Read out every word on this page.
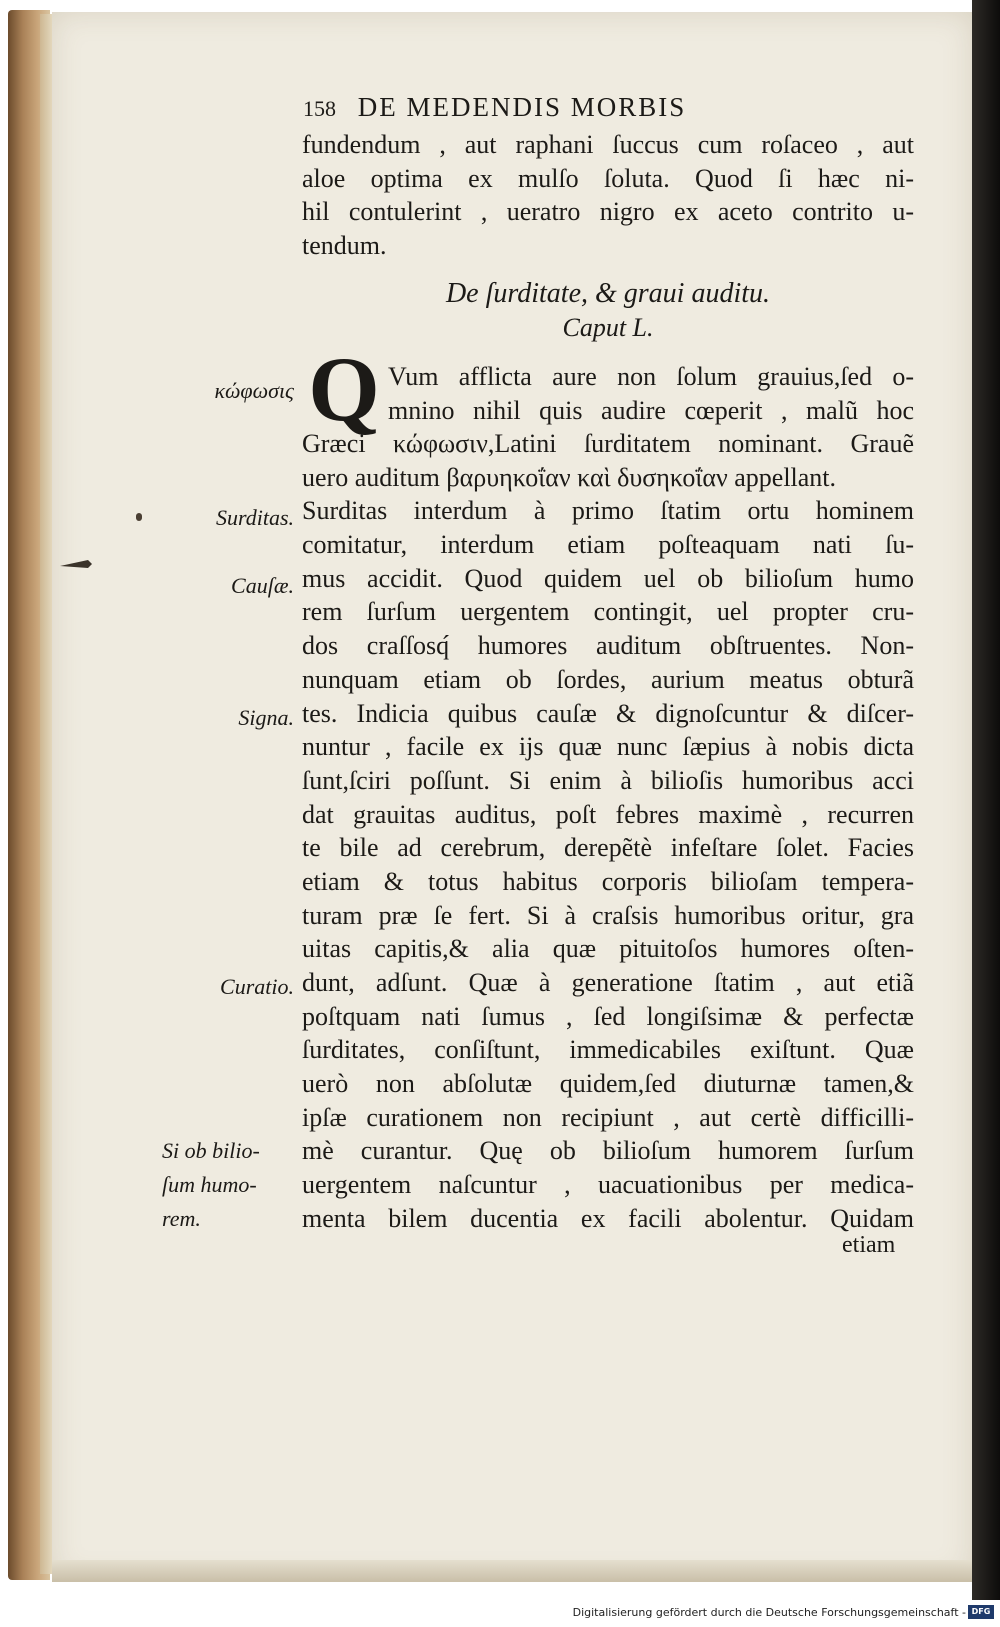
158 DE MEDENDIS MORBIS
fundendum , aut raphani ſuccus cum roſaceo , aut
aloe optima ex mulſo ſoluta. Quod ſi hæc ni-
hil contulerint , ueratro nigro ex aceto contrito u-
tendum.
De ſurditate, & graui auditu.
Caput L.
Q Vum afflicta aure non ſolum grauius,ſed o-
mnino nihil quis audire cœperit , malũ hoc
Græci κώφωσιν,Latini ſurditatem nominant. Grauẽ
uero auditum βαρυηκοΐαν καὶ δυσηκοΐαν appellant.
Surditas interdum à primo ſtatim ortu hominem
comitatur, interdum etiam poſteaquam nati ſu-
mus accidit. Quod quidem uel ob bilioſum humo
rem ſurſum uergentem contingit, uel propter cru-
dos craſſosq́ humores auditum obſtruentes. Non-
nunquam etiam ob ſordes, aurium meatus obturã
tes. Indicia quibus cauſæ & dignoſcuntur & diſcer-
nuntur , facile ex ijs quæ nunc ſæpius à nobis dicta
ſunt,ſciri poſſunt. Si enim à bilioſis humoribus acci
dat grauitas auditus, poſt febres maximè , recurren
te bile ad cerebrum, derepẽtè infeſtare ſolet. Facies
etiam & totus habitus corporis bilioſam tempera-
turam præ ſe fert. Si à craſsis humoribus oritur, gra
uitas capitis,& alia quæ pituitoſos humores oſten-
dunt, adſunt. Quæ à generatione ſtatim , aut etiã
poſtquam nati ſumus , ſed longiſsimæ & perfectæ
ſurditates, conſiſtunt, immedicabiles exiſtunt. Quæ
uerò non abſolutæ quidem,ſed diuturnæ tamen,&
ipſæ curationem non recipiunt , aut certè difficilli-
mè curantur. Quę ob bilioſum humorem ſurſum
uergentem naſcuntur , uacuationibus per medica-
menta bilem ducentia ex facili abolentur. Quidam
etiam
κώφωσις
Surditas.
Cauſæ.
Signa.
Curatio.
Si ob bilio-
ſum humo-
rem.
Digitalisierung gefördert durch die Deutsche Forschungsgemeinschaft - DFG
